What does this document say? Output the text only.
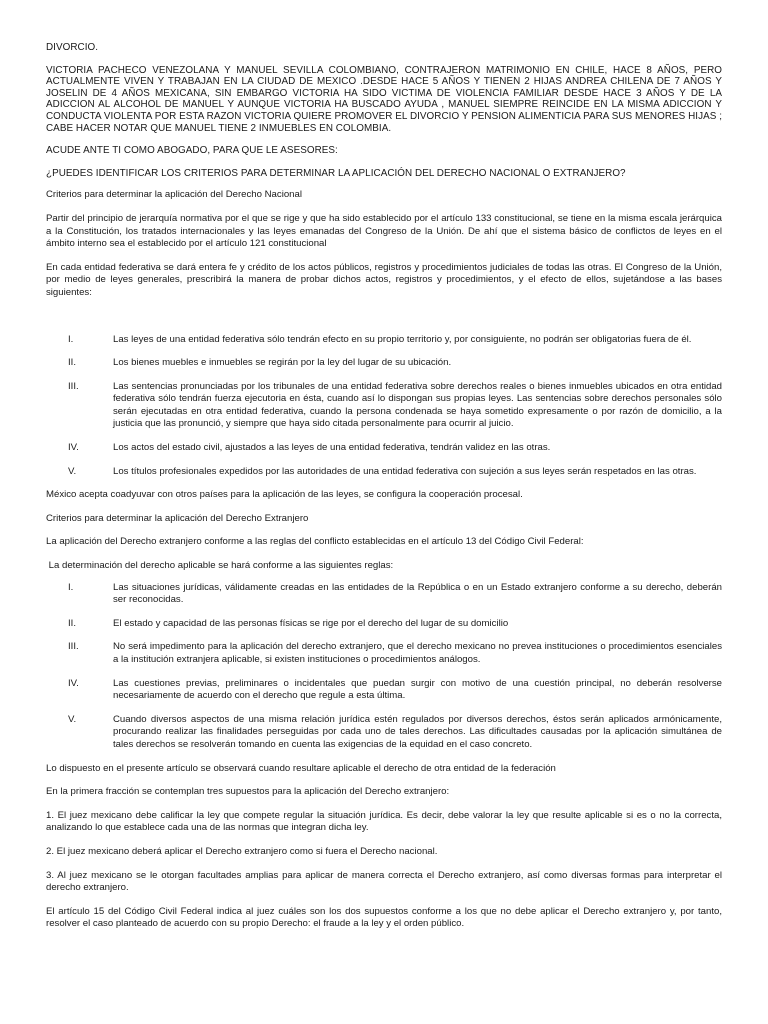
DIVORCIO.

VICTORIA PACHECO VENEZOLANA Y MANUEL SEVILLA COLOMBIANO, CONTRAJERON MATRIMONIO EN CHILE, HACE 8 AÑOS, PERO ACTUALMENTE VIVEN Y TRABAJAN EN LA CIUDAD DE MEXICO .DESDE HACE 5 AÑOS Y TIENEN 2 HIJAS ANDREA CHILENA DE 7 AÑOS Y JOSELIN DE 4 AÑOS MEXICANA, SIN EMBARGO VICTORIA HA SIDO VICTIMA DE VIOLENCIA FAMILIAR DESDE HACE 3 AÑOS Y DE LA ADICCION AL ALCOHOL DE MANUEL Y AUNQUE VICTORIA HA BUSCADO AYUDA , MANUEL SIEMPRE REINCIDE EN LA MISMA ADICCION Y CONDUCTA VIOLENTA POR ESTA RAZON VICTORIA QUIERE PROMOVER EL DIVORCIO Y PENSION ALIMENTICIA PARA SUS MENORES HIJAS ; CABE HACER NOTAR QUE MANUEL TIENE 2 INMUEBLES EN COLOMBIA.

ACUDE ANTE TI COMO ABOGADO, PARA QUE LE ASESORES:

¿PUEDES IDENTIFICAR LOS CRITERIOS PARA DETERMINAR LA APLICACIÓN DEL DERECHO NACIONAL O EXTRANJERO?

Criterios para determinar la aplicación del Derecho Nacional

Partir del principio de jerarquía normativa por el que se rige y que ha sido establecido por el artículo 133 constitucional, se tiene en la misma escala jerárquica a la Constitución, los tratados internacionales y las leyes emanadas del Congreso de la Unión. De ahí que el sistema básico de conflictos de leyes en el ámbito interno sea el establecido por el artículo 121 constitucional

En cada entidad federativa se dará entera fe y crédito de los actos públicos, registros y procedimientos judiciales de todas las otras. El Congreso de la Unión, por medio de leyes generales, prescribirá la manera de probar dichos actos, registros y procedimientos, y el efecto de ellos, sujetándose a las bases siguientes:

I.	Las leyes de una entidad federativa sólo tendrán efecto en su propio territorio y, por consiguiente, no podrán ser obligatorias fuera de él.
II.	Los bienes muebles e inmuebles se regirán por la ley del lugar de su ubicación.
III.	Las sentencias pronunciadas por los tribunales de una entidad federativa sobre derechos reales o bienes inmuebles ubicados en otra entidad federativa sólo tendrán fuerza ejecutoria en ésta, cuando así lo dispongan sus propias leyes. Las sentencias sobre derechos personales sólo serán ejecutadas en otra entidad federativa, cuando la persona condenada se haya sometido expresamente o por razón de domicilio, a la justicia que las pronunció, y siempre que haya sido citada personalmente para ocurrir al juicio.
IV.	Los actos del estado civil, ajustados a las leyes de una entidad federativa, tendrán validez en las otras.
V.	Los títulos profesionales expedidos por las autoridades de una entidad federativa con sujeción a sus leyes serán respetados en las otras.

México acepta coadyuvar con otros países para la aplicación de las leyes, se configura la cooperación procesal.

Criterios para determinar la aplicación del Derecho Extranjero

La aplicación del Derecho extranjero conforme a las reglas del conflicto establecidas en el artículo 13 del Código Civil Federal:

La determinación del derecho aplicable se hará conforme a las siguientes reglas:

I.	Las situaciones jurídicas, válidamente creadas en las entidades de la República o en un Estado extranjero conforme a su derecho, deberán ser reconocidas.
II.	El estado y capacidad de las personas físicas se rige por el derecho del lugar de su domicilio
III.	No será impedimento para la aplicación del derecho extranjero, que el derecho mexicano no prevea instituciones o procedimientos esenciales a la institución extranjera aplicable, si existen instituciones o procedimientos análogos.
IV.	Las cuestiones previas, preliminares o incidentales que puedan surgir con motivo de una cuestión principal, no deberán resolverse necesariamente de acuerdo con el derecho que regule a esta última.
V.	Cuando diversos aspectos de una misma relación jurídica estén regulados por diversos derechos, éstos serán aplicados armónicamente, procurando realizar las finalidades perseguidas por cada uno de tales derechos. Las dificultades causadas por la aplicación simultánea de tales derechos se resolverán tomando en cuenta las exigencias de la equidad en el caso concreto.

Lo dispuesto en el presente artículo se observará cuando resultare aplicable el derecho de otra entidad de la federación

En la primera fracción se contemplan tres supuestos para la aplicación del Derecho extranjero:

1. El juez mexicano debe calificar la ley que compete regular la situación jurídica. Es decir, debe valorar la ley que resulte aplicable si es o no la correcta, analizando lo que establece cada una de las normas que integran dicha ley.

2. El juez mexicano deberá aplicar el Derecho extranjero como si fuera el Derecho nacional.

3. Al juez mexicano se le otorgan facultades amplias para aplicar de manera correcta el Derecho extranjero, así como diversas formas para interpretar el derecho extranjero.

El artículo 15 del Código Civil Federal indica al juez cuáles son los dos supuestos conforme a los que no debe aplicar el Derecho extranjero y, por tanto, resolver el caso planteado de acuerdo con su propio Derecho: el fraude a la ley y el orden público.
